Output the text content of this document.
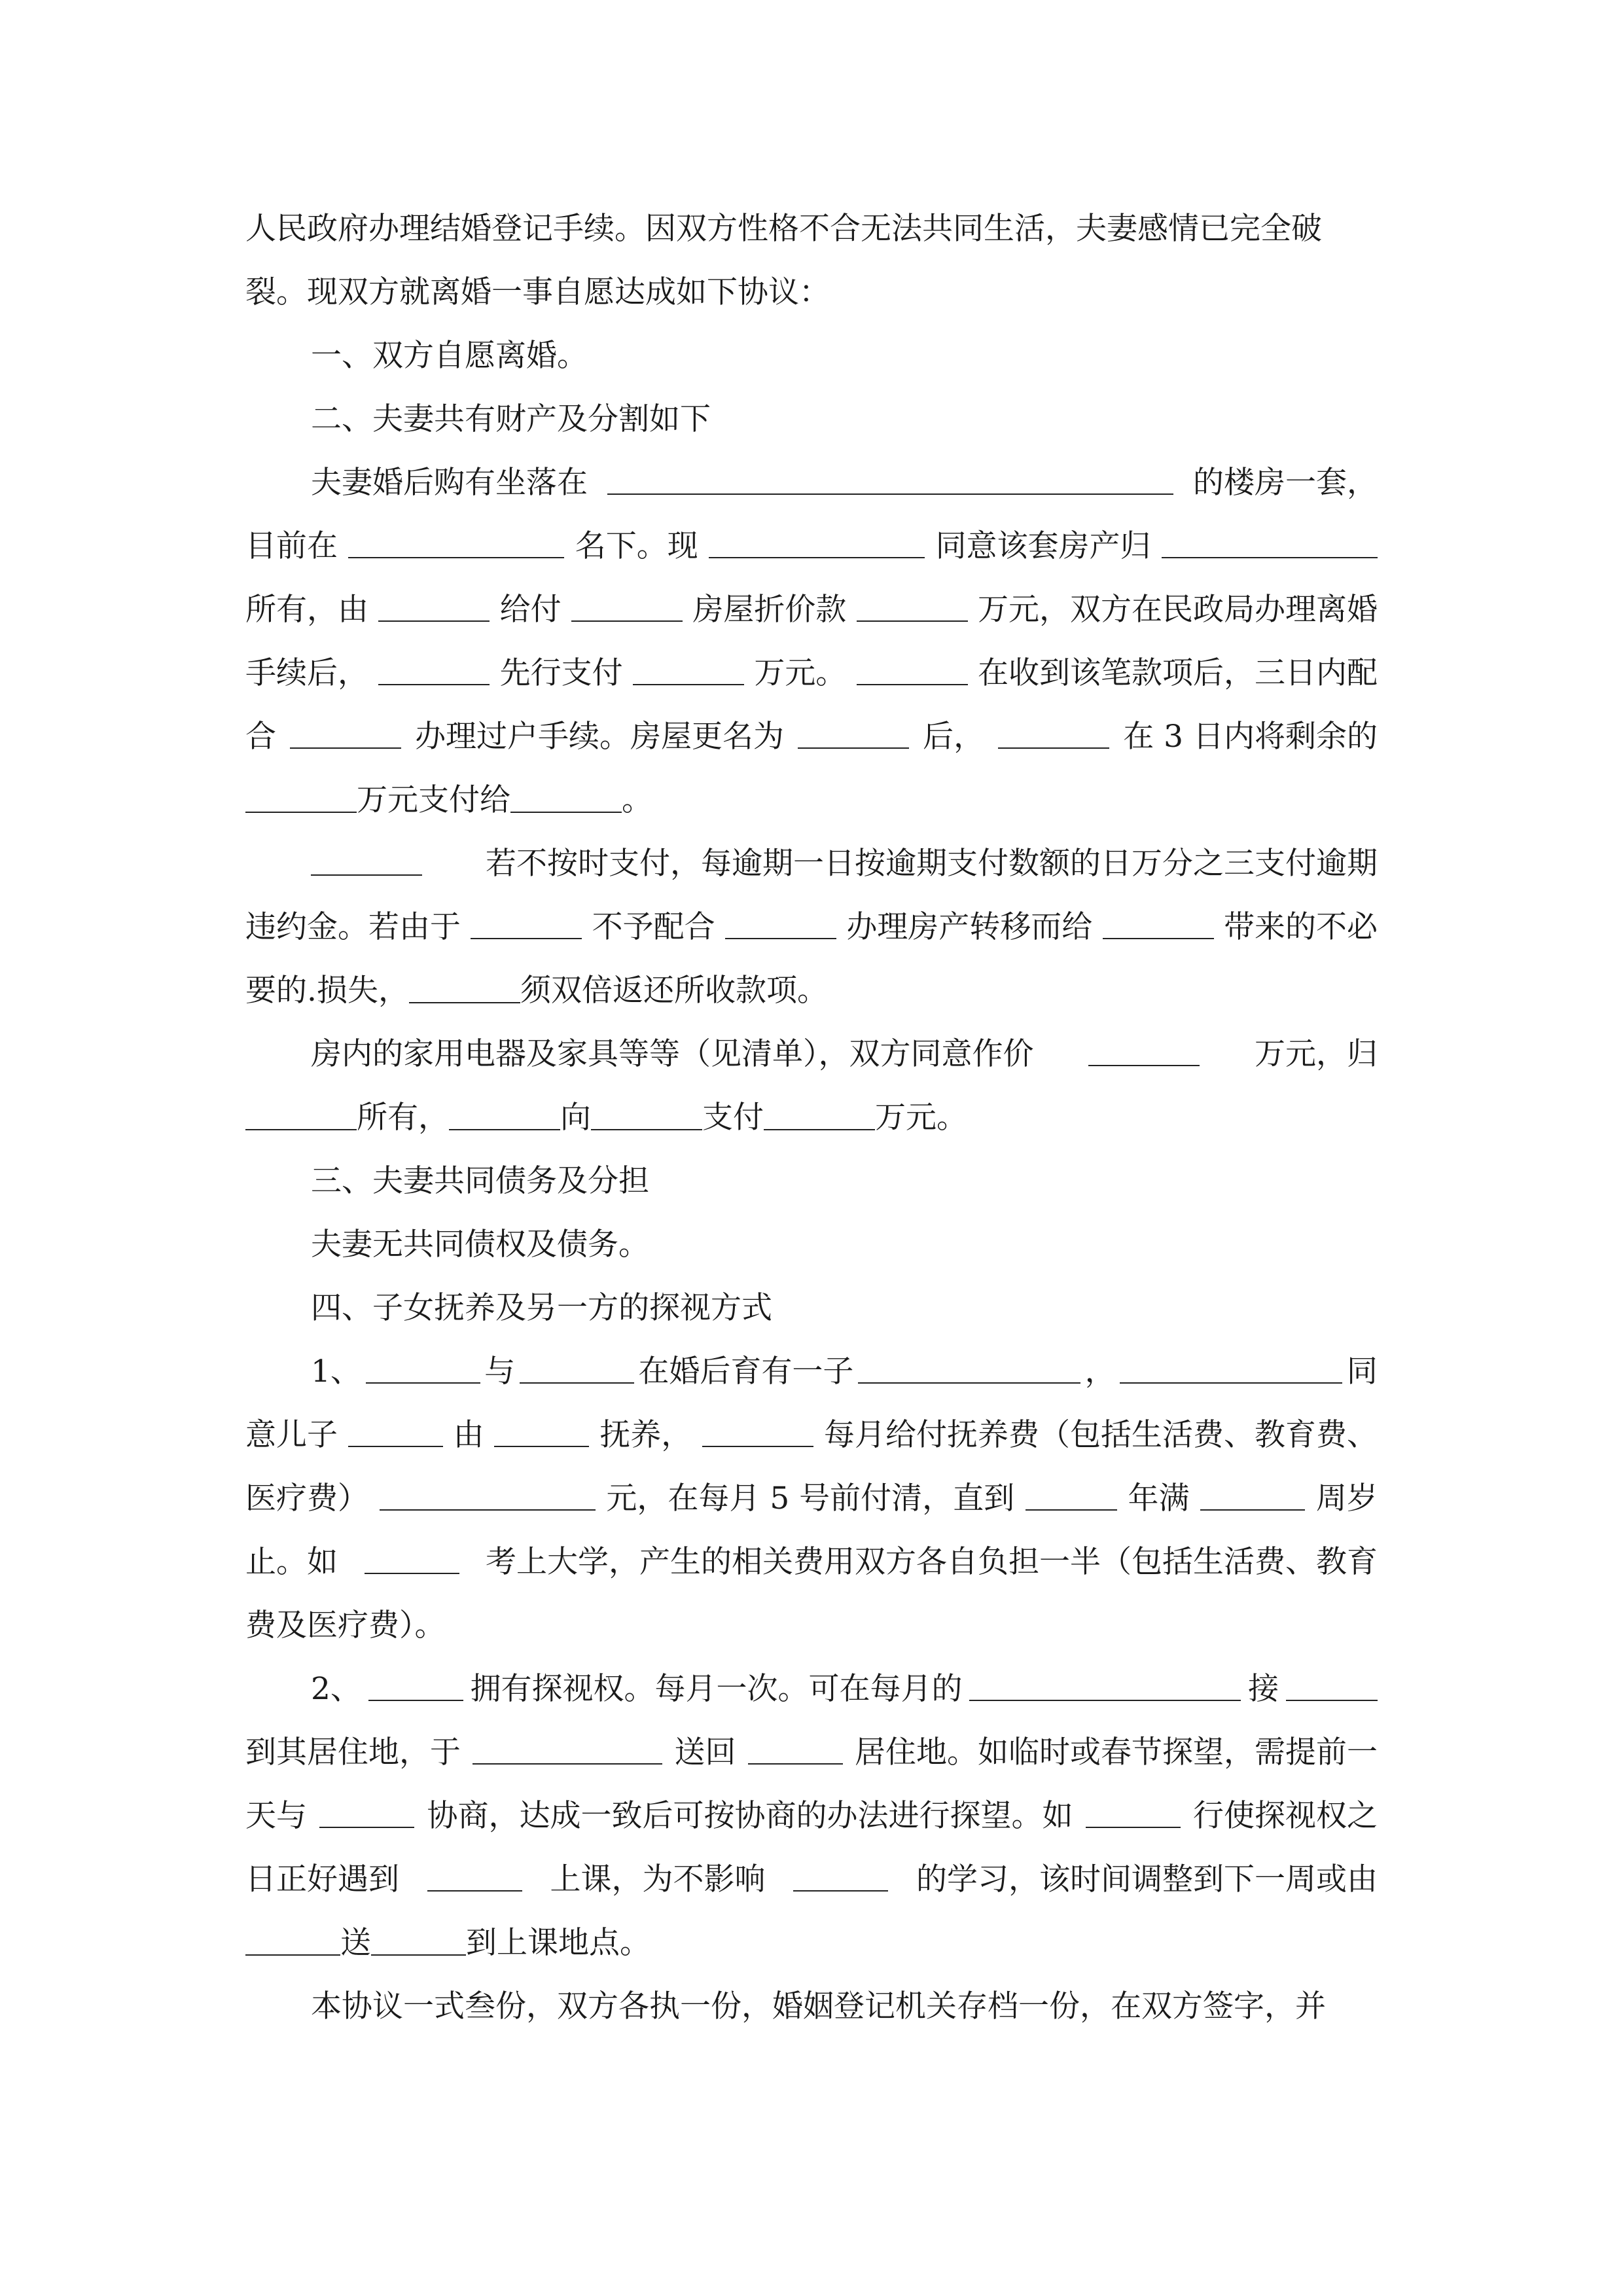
人民政府办理结婚登记手续。因双方性格不合无法共同生活，夫妻感情已完全破
裂。现双方就离婚一事自愿达成如下协议：
一、双方自愿离婚。
二、夫妻共有财产及分割如下
夫妻婚后购有坐落在	的楼房一套，
目前在	名下。现	同意该套房产归
所有，由	给付	房屋折价款	万元，双方在民政局办理离婚
手续后，	先行支付	万元。	在收到该笔款项后，三日内配
合	办理过户手续。房屋更名为	后，	在 3 日内将剩余的
万元支付给	。
若不按时支付，每逾期一日按逾期支付数额的日万分之三支付逾期
违约金。若由于	不予配合	办理房产转移而给	带来的不必
要的.损失，	须双倍返还所收款项。
房内的家用电器及家具等等（见清单），双方同意作价	万元，归
所有，	向	支付	万元。
三、夫妻共同债务及分担
夫妻无共同债权及债务。
四、子女抚养及另一方的探视方式
1、	与	在婚后育有一子	，	同
意儿子	由	抚养，	每月给付抚养费（包括生活费、教育费、
医疗费）	元，在每月 5 号前付清，直到	年满	周岁
止。如	考上大学，产生的相关费用双方各自负担一半（包括生活费、教育
费及医疗费）。
2、	拥有探视权。每月一次。可在每月的	接
到其居住地，于	送回	居住地。如临时或春节探望，需提前一
天与	协商，达成一致后可按协商的办法进行探望。如	行使探视权之
日正好遇到	上课，为不影响	的学习，该时间调整到下一周或由
送	到上课地点。
本协议一式叁份，双方各执一份，婚姻登记机关存档一份，在双方签字，并
